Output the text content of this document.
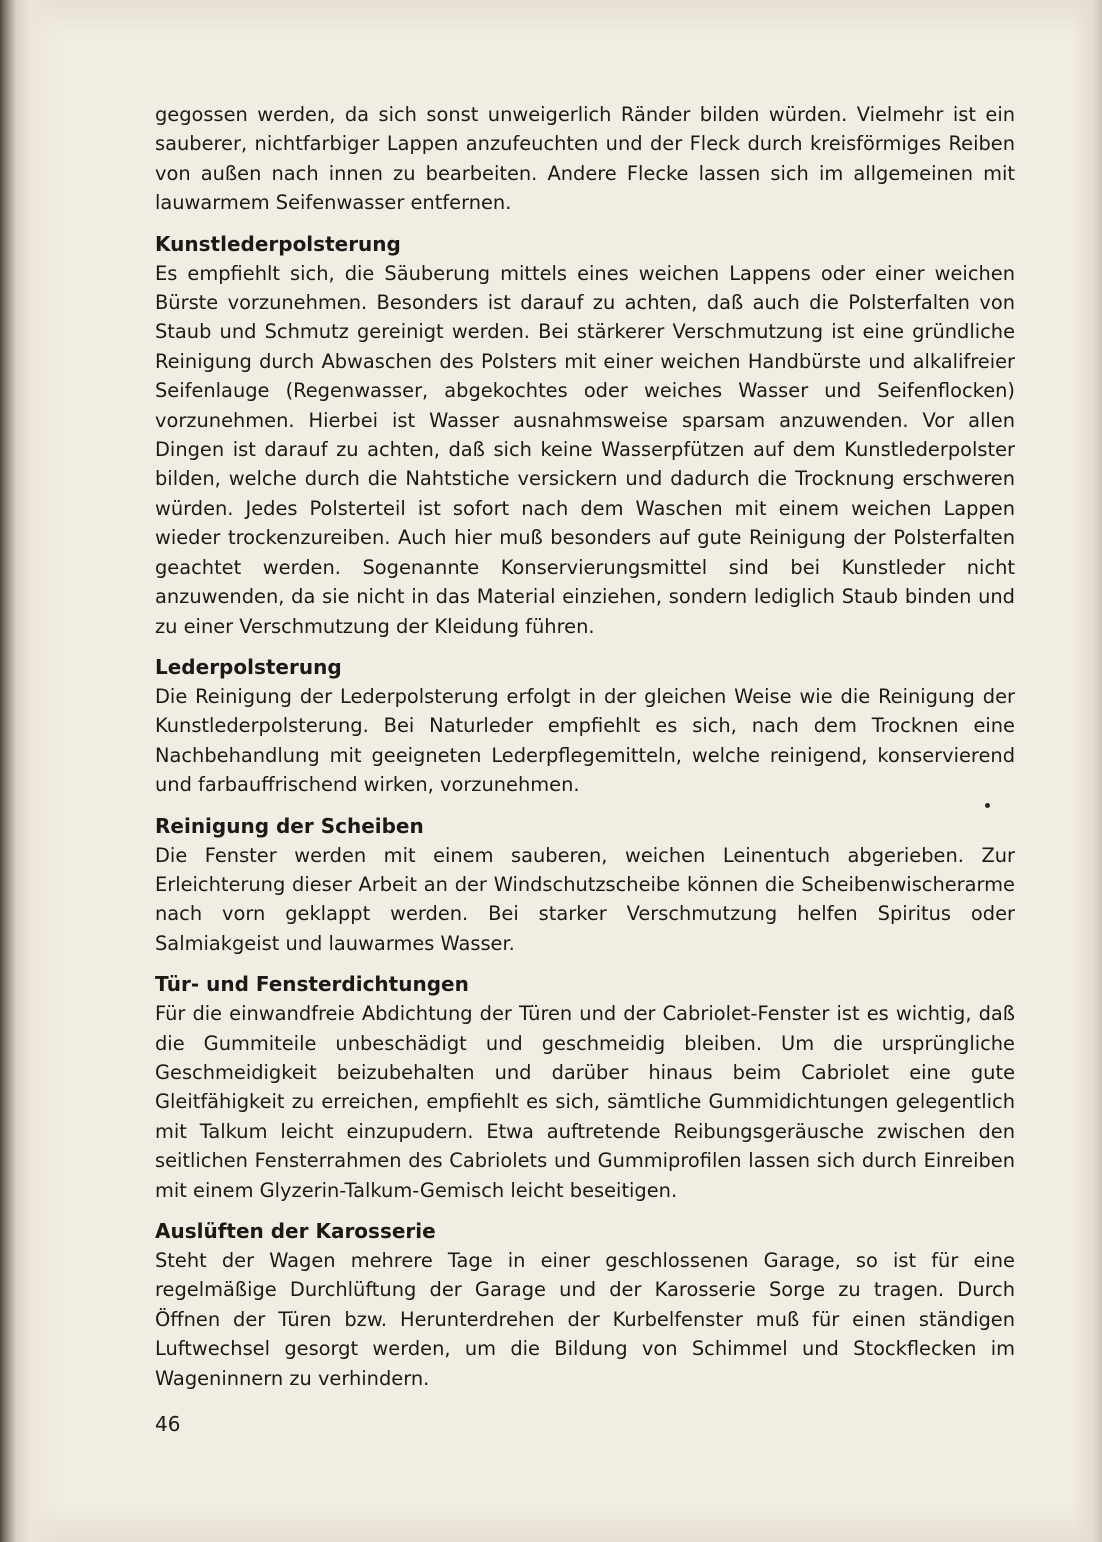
gegossen werden, da sich sonst unweigerlich Ränder bilden würden. Vielmehr ist ein sauberer, nichtfarbiger Lappen anzufeuchten und der Fleck durch kreisförmiges Reiben von außen nach innen zu bearbeiten. Andere Flecke lassen sich im allgemeinen mit lauwarmem Seifenwasser entfernen.

Kunstlederpolsterung

Es empfiehlt sich, die Säuberung mittels eines weichen Lappens oder einer weichen Bürste vorzunehmen. Besonders ist darauf zu achten, daß auch die Polsterfalten von Staub und Schmutz gereinigt werden. Bei stärkerer Verschmutzung ist eine gründliche Reinigung durch Abwaschen des Polsters mit einer weichen Handbürste und alkalifreier Seifenlauge (Regenwasser, abgekochtes oder weiches Wasser und Seifenflocken) vorzunehmen. Hierbei ist Wasser ausnahmsweise sparsam anzuwenden. Vor allen Dingen ist darauf zu achten, daß sich keine Wasserpfützen auf dem Kunstlederpolster bilden, welche durch die Nahtstiche versickern und dadurch die Trocknung erschweren würden. Jedes Polsterteil ist sofort nach dem Waschen mit einem weichen Lappen wieder trockenzureiben. Auch hier muß besonders auf gute Reinigung der Polsterfalten geachtet werden. Sogenannte Konservierungsmittel sind bei Kunstleder nicht anzuwenden, da sie nicht in das Material einziehen, sondern lediglich Staub binden und zu einer Verschmutzung der Kleidung führen.

Lederpolsterung

Die Reinigung der Lederpolsterung erfolgt in der gleichen Weise wie die Reinigung der Kunstlederpolsterung. Bei Naturleder empfiehlt es sich, nach dem Trocknen eine Nachbehandlung mit geeigneten Lederpflegemitteln, welche reinigend, konservierend und farbauffrischend wirken, vorzunehmen.

Reinigung der Scheiben

Die Fenster werden mit einem sauberen, weichen Leinentuch abgerieben. Zur Erleichterung dieser Arbeit an der Windschutzscheibe können die Scheibenwischerarme nach vorn geklappt werden. Bei starker Verschmutzung helfen Spiritus oder Salmiakgeist und lauwarmes Wasser.

Tür- und Fensterdichtungen

Für die einwandfreie Abdichtung der Türen und der Cabriolet-Fenster ist es wichtig, daß die Gummiteile unbeschädigt und geschmeidig bleiben. Um die ursprüngliche Geschmeidigkeit beizubehalten und darüber hinaus beim Cabriolet eine gute Gleitfähigkeit zu erreichen, empfiehlt es sich, sämtliche Gummidichtungen gelegentlich mit Talkum leicht einzupudern. Etwa auftretende Reibungsgeräusche zwischen den seitlichen Fensterrahmen des Cabriolets und Gummiprofilen lassen sich durch Einreiben mit einem Glyzerin-Talkum-Gemisch leicht beseitigen.

Auslüften der Karosserie

Steht der Wagen mehrere Tage in einer geschlossenen Garage, so ist für eine regelmäßige Durchlüftung der Garage und der Karosserie Sorge zu tragen. Durch Öffnen der Türen bzw. Herunterdrehen der Kurbelfenster muß für einen ständigen Luftwechsel gesorgt werden, um die Bildung von Schimmel und Stockflecken im Wageninnern zu verhindern.

46
